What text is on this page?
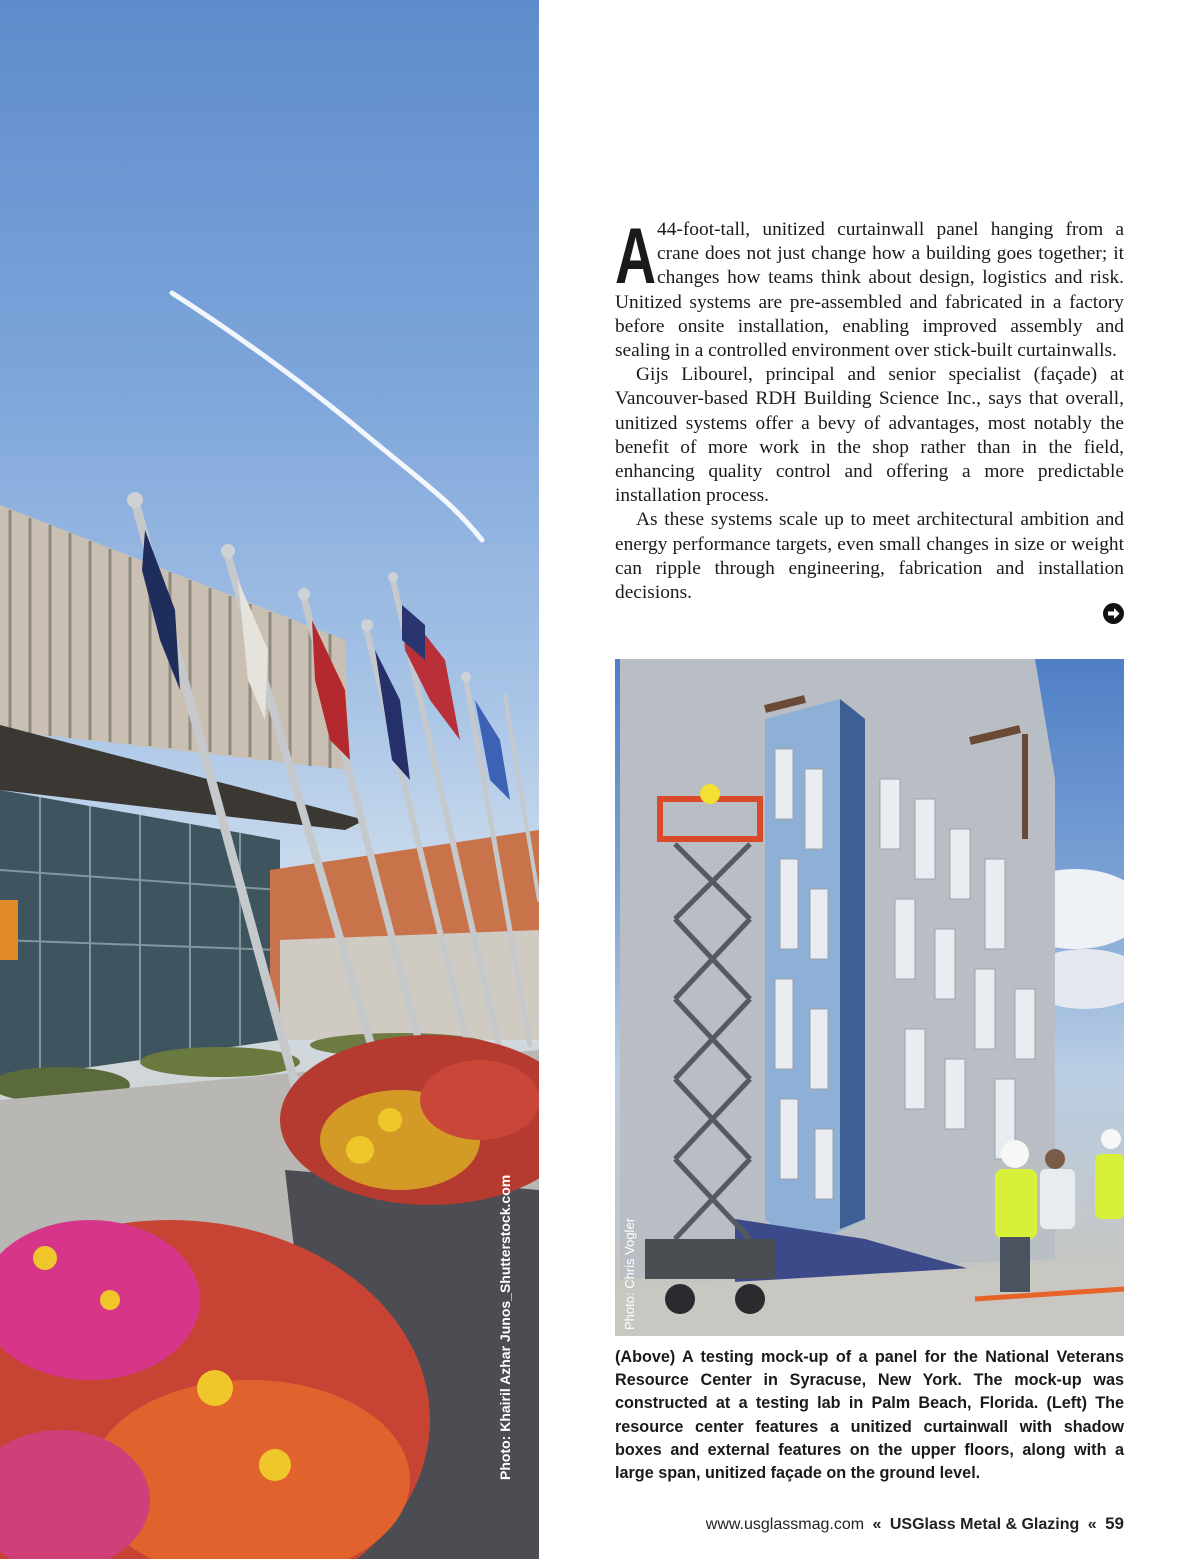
Photo: Khairil Azhar Junos_Shutterstock.com

A 44-foot-tall, unitized curtainwall panel hanging from a crane does not just change how a building goes together; it changes how teams think about design, logistics and risk. Unitized systems are pre-assembled and fabricated in a factory before onsite installation, enabling improved assembly and sealing in a controlled environment over stick-built curtainwalls.

Gijs Libourel, principal and senior specialist (façade) at Vancouver-based RDH Building Science Inc., says that overall, unitized systems offer a bevy of advantages, most notably the benefit of more work in the shop rather than in the field, enhancing quality control and offering a more predictable installation process.

As these systems scale up to meet architectural ambition and energy performance targets, even small changes in size or weight can ripple through engineering, fabrication and installation decisions.

Photo: Chris Vogler
(Above) A testing mock-up of a panel for the National Veterans Resource Center in Syracuse, New York. The mock-up was constructed at a testing lab in Palm Beach, Florida. (Left) The resource center features a unitized curtainwall with shadow boxes and external features on the upper floors, along with a large span, unitized façade on the ground level.
www.usglassmag.com « USGlass Metal & Glazing « 59
